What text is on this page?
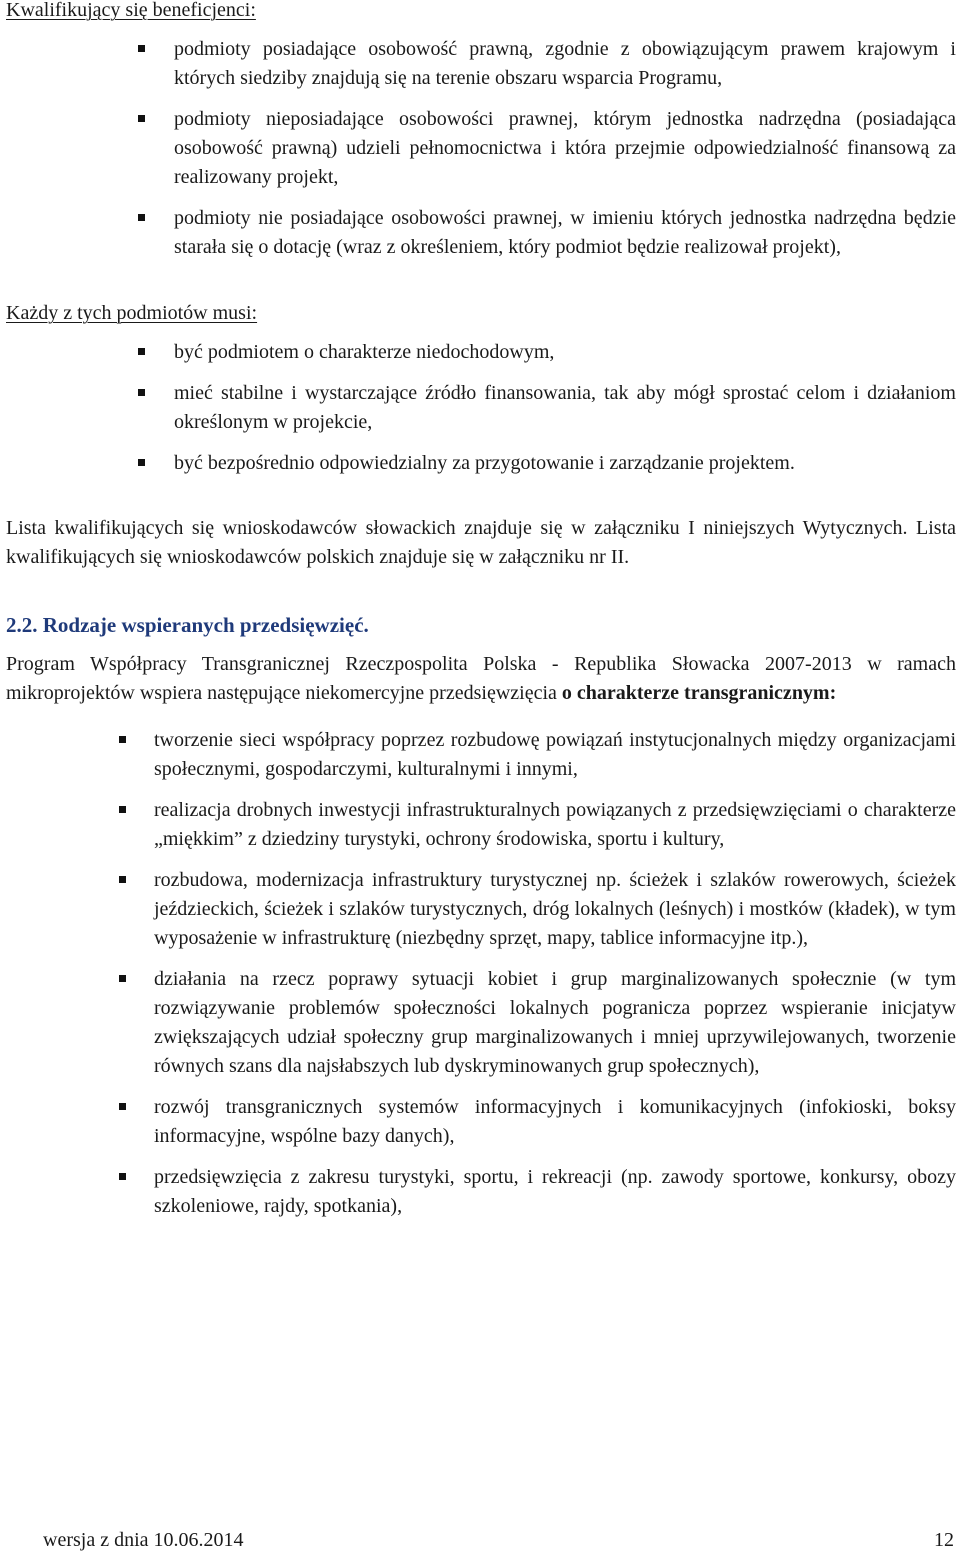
Kwalifikujący się beneficjenci:

podmioty posiadające osobowość prawną, zgodnie z obowiązującym prawem krajowym i których siedziby znajdują się na terenie obszaru wsparcia Programu,
podmioty nieposiadające osobowości prawnej, którym jednostka nadrzędna (posiadająca osobowość prawną) udzieli pełnomocnictwa i która przejmie odpowiedzialność finansową za realizowany projekt,
podmioty nie posiadające osobowości prawnej, w imieniu których jednostka nadrzędna będzie starała się o dotację (wraz z określeniem, który podmiot będzie realizował projekt),

Każdy z tych podmiotów musi:

być podmiotem o charakterze niedochodowym,
mieć stabilne i wystarczające źródło finansowania, tak aby mógł sprostać celom i działaniom określonym w projekcie,
być bezpośrednio odpowiedzialny za przygotowanie i zarządzanie projektem.

Lista kwalifikujących się wnioskodawców słowackich znajduje się w załączniku I niniejszych Wytycznych. Lista kwalifikujących się wnioskodawców polskich znajduje się w załączniku nr II.

2.2. Rodzaje wspieranych przedsięwzięć.

Program Współpracy Transgranicznej Rzeczpospolita Polska - Republika Słowacka 2007-2013 w ramach mikroprojektów wspiera następujące niekomercyjne przedsięwzięcia o charakterze transgranicznym:

tworzenie sieci współpracy poprzez rozbudowę powiązań instytucjonalnych między organizacjami społecznymi, gospodarczymi, kulturalnymi i innymi,
realizacja drobnych inwestycji infrastrukturalnych powiązanych z przedsięwzięciami o charakterze „miękkim” z dziedziny turystyki, ochrony środowiska, sportu i kultury,
rozbudowa, modernizacja infrastruktury turystycznej np. ścieżek i szlaków rowerowych, ścieżek jeździeckich, ścieżek i szlaków turystycznych, dróg lokalnych (leśnych) i mostków (kładek), w tym wyposażenie w infrastrukturę (niezbędny sprzęt, mapy, tablice informacyjne itp.),
działania na rzecz poprawy sytuacji kobiet i grup marginalizowanych społecznie (w tym rozwiązywanie problemów społeczności lokalnych pogranicza poprzez wspieranie inicjatyw zwiększających udział społeczny grup marginalizowanych i mniej uprzywilejowanych, tworzenie równych szans dla najsłabszych lub dyskryminowanych grup społecznych),
rozwój transgranicznych systemów informacyjnych i komunikacyjnych (infokioski, boksy informacyjne, wspólne bazy danych),
przedsięwzięcia z zakresu turystyki, sportu, i rekreacji (np. zawody sportowe, konkursy, obozy szkoleniowe, rajdy, spotkania),
wersja z dnia 10.06.2014	12
